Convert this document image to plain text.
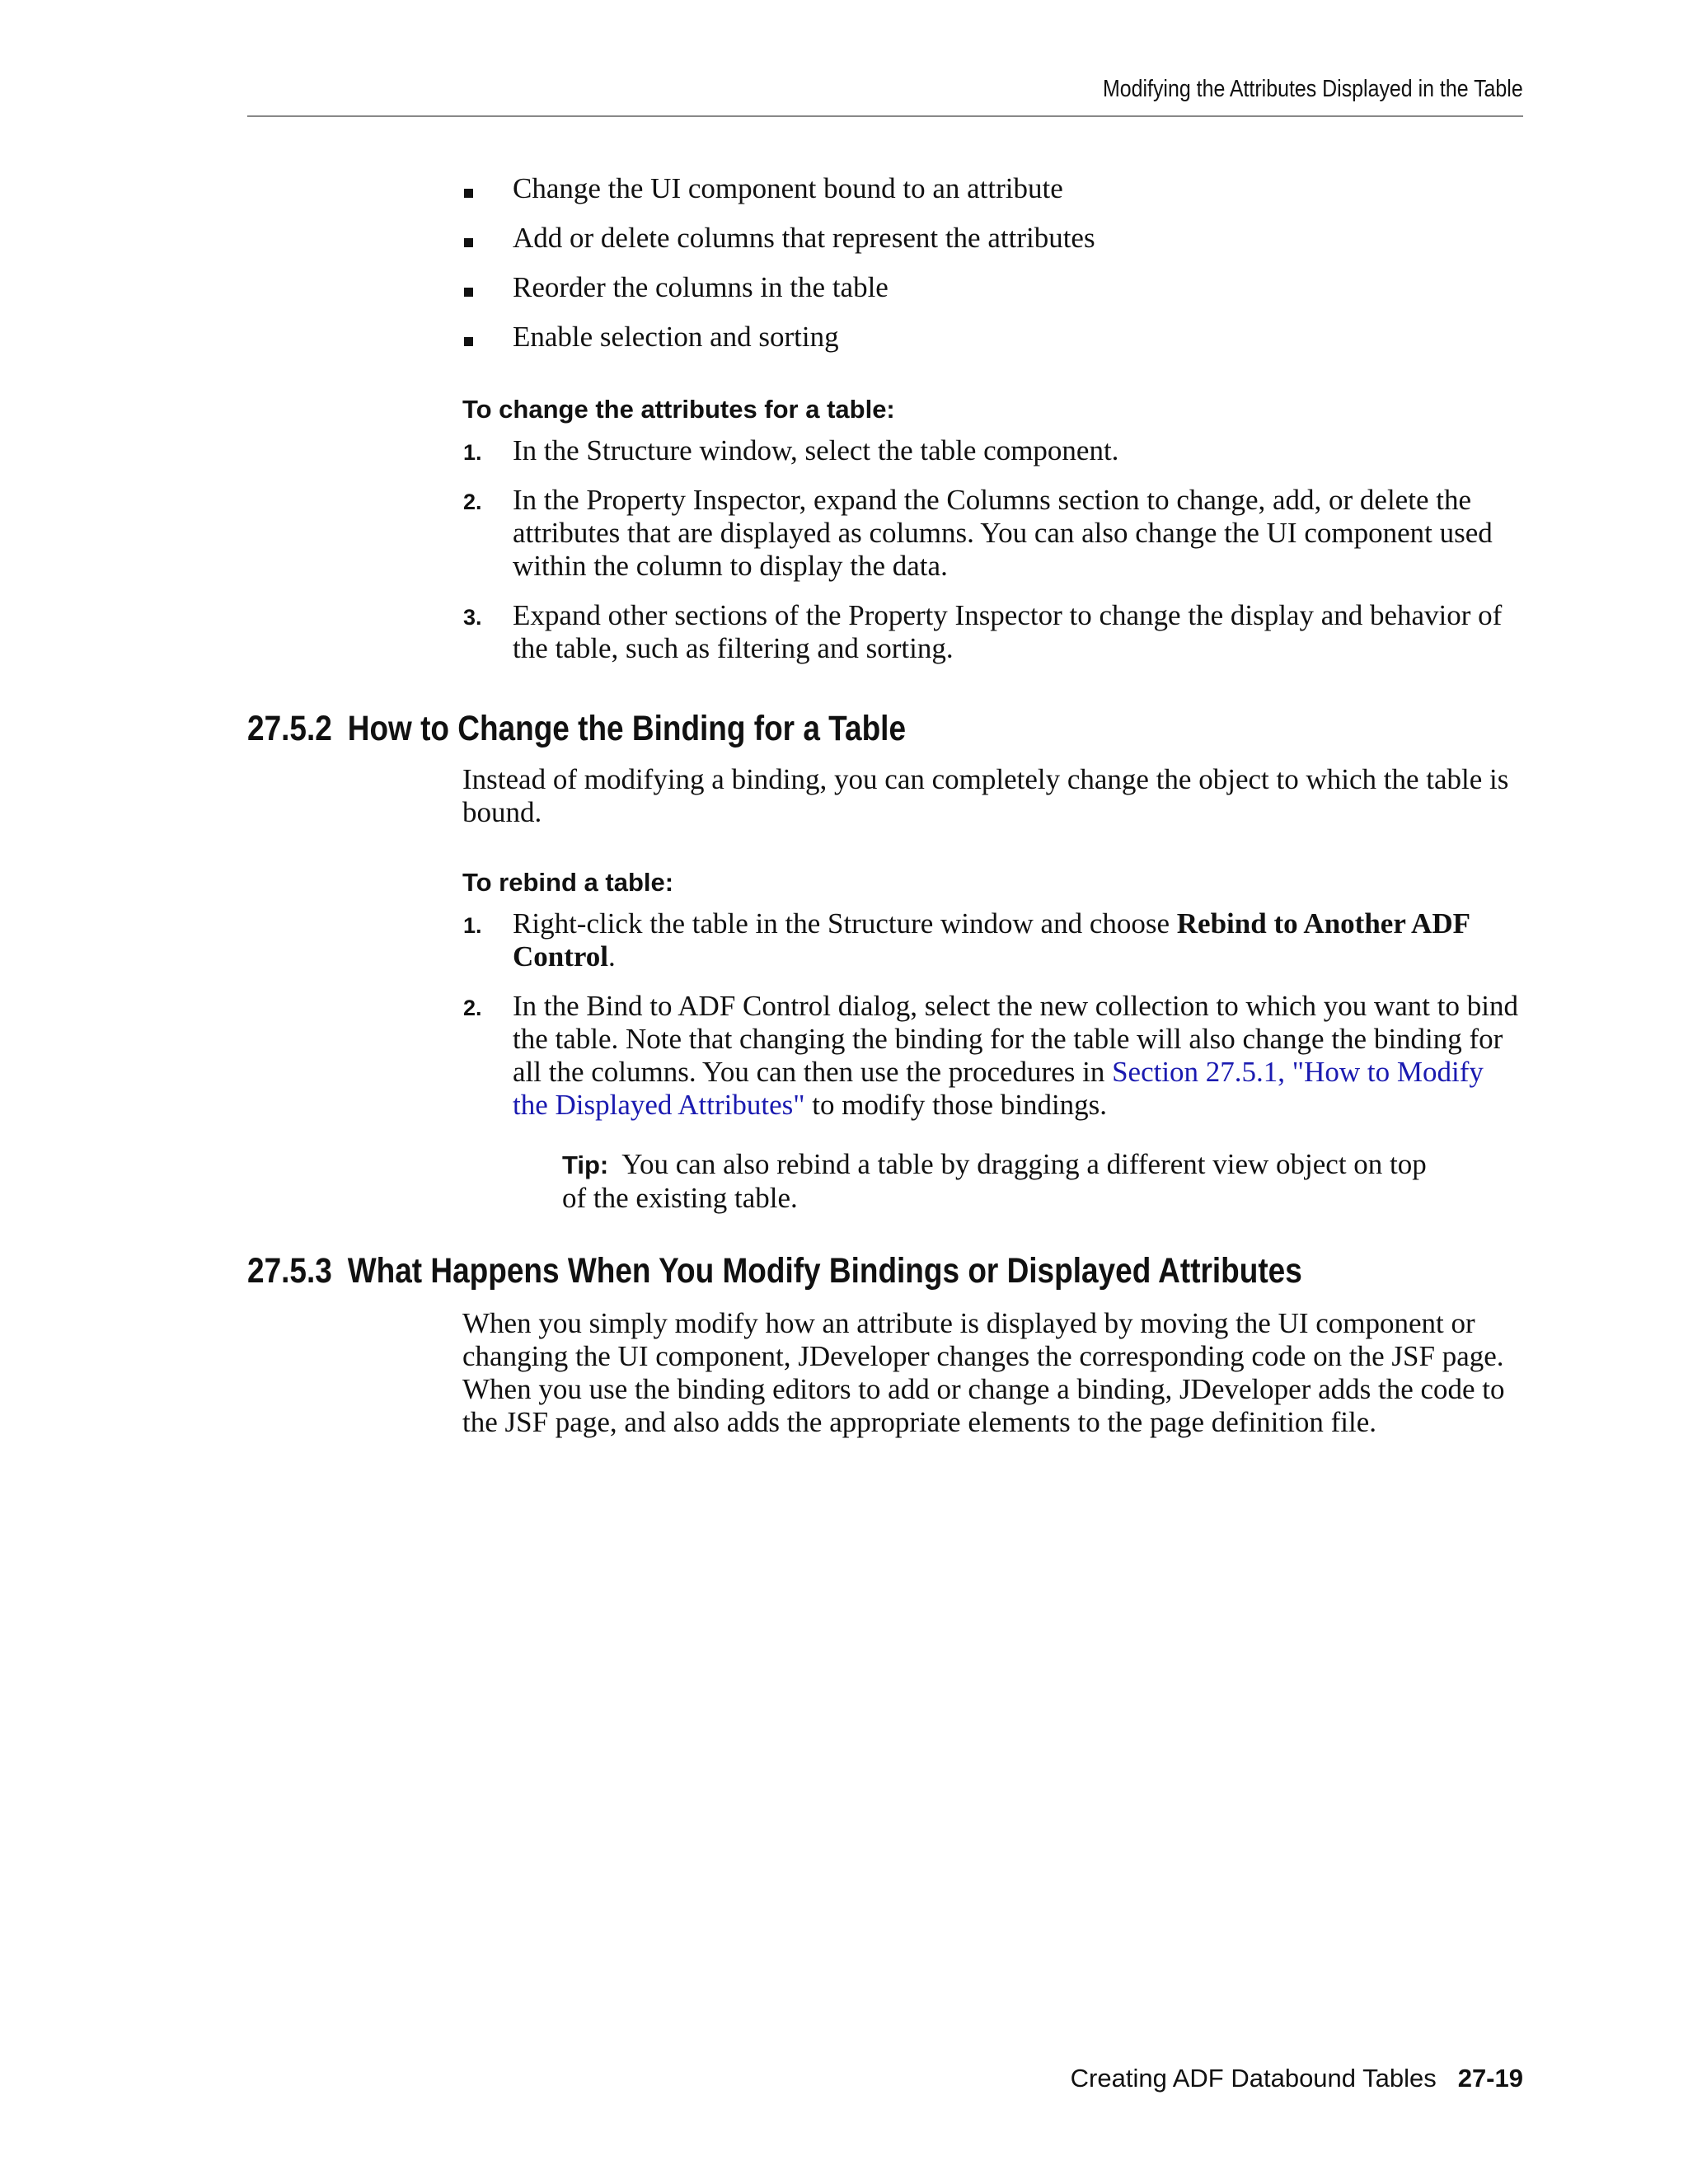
Modifying the Attributes Displayed in the Table
Change the UI component bound to an attribute
Add or delete columns that represent the attributes
Reorder the columns in the table
Enable selection and sorting
To change the attributes for a table:
1. In the Structure window, select the table component.
2. In the Property Inspector, expand the Columns section to change, add, or delete the attributes that are displayed as columns. You can also change the UI component used within the column to display the data.
3. Expand other sections of the Property Inspector to change the display and behavior of the table, such as filtering and sorting.
27.5.2 How to Change the Binding for a Table

Instead of modifying a binding, you can completely change the object to which the table is bound.

To rebind a table:
1. Right-click the table in the Structure window and choose Rebind to Another ADF Control.
2. In the Bind to ADF Control dialog, select the new collection to which you want to bind the table. Note that changing the binding for the table will also change the binding for all the columns. You can then use the procedures in Section 27.5.1, "How to Modify the Displayed Attributes" to modify those bindings.
Tip: You can also rebind a table by dragging a different view object on top of the existing table.
27.5.3 What Happens When You Modify Bindings or Displayed Attributes

When you simply modify how an attribute is displayed by moving the UI component or changing the UI component, JDeveloper changes the corresponding code on the JSF page. When you use the binding editors to add or change a binding, JDeveloper adds the code to the JSF page, and also adds the appropriate elements to the page definition file.

Creating ADF Databound Tables 27-19
